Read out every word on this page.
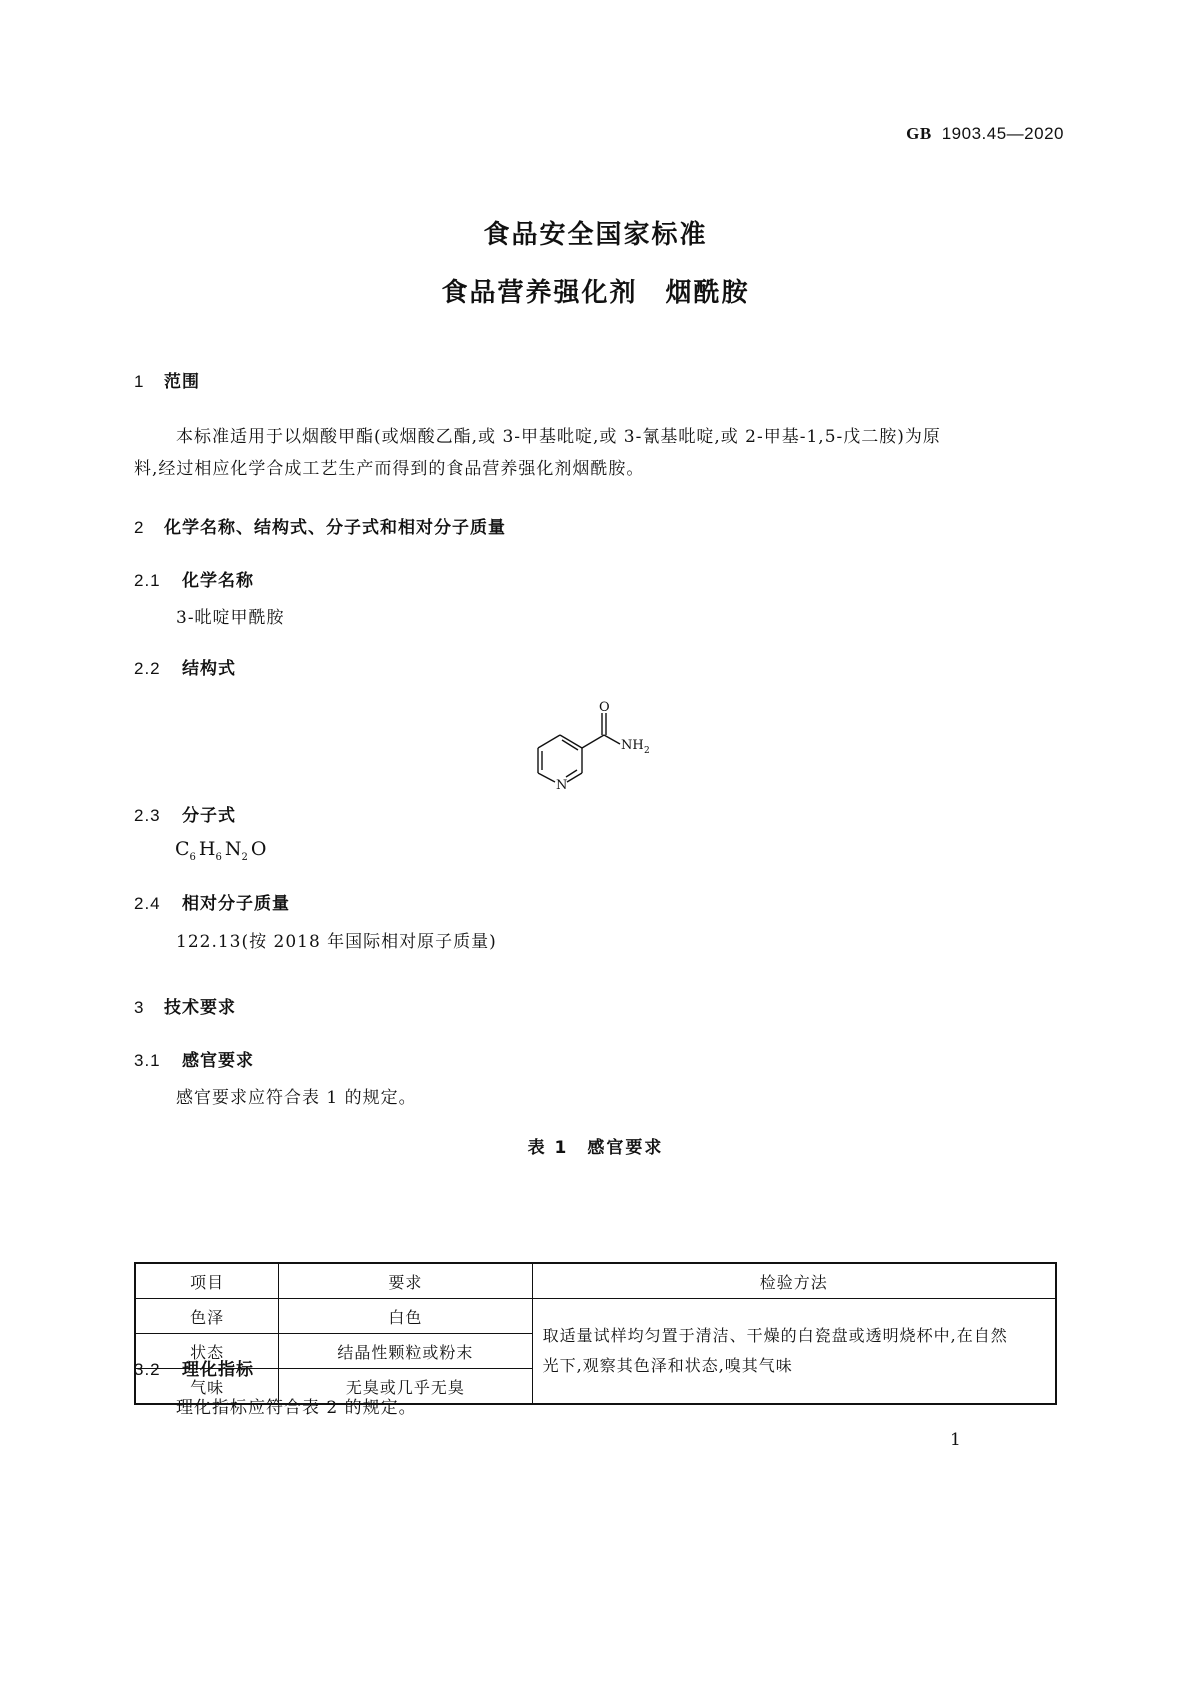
GB 1903.45—2020
食品安全国家标准
食品营养强化剂　烟酰胺
1 范围
本标准适用于以烟酸甲酯(或烟酸乙酯,或 3-甲基吡啶,或 3-氰基吡啶,或 2-甲基-1,5-戊二胺)为原
料,经过相应化学合成工艺生产而得到的食品营养强化剂烟酰胺。
2 化学名称、结构式、分子式和相对分子质量
2.1 化学名称
3-吡啶甲酰胺
2.2 结构式
O
N
NH 2
2.3 分子式
$C_6$ $H_6$ $N_2$ O
2.4 相对分子质量
122.13(按 2018 年国际相对原子质量)
3 技术要求
3.1 感官要求
感官要求应符合表 1 的规定。
表 1　感官要求
项目	要求	检验方法
色泽	白色	取适量试样均匀置于清洁、干燥的白瓷盘或透明烧杯中,在自然
光下,观察其色泽和状态,嗅其气味

状态	结晶性颗粒或粉末	
气味	无臭或几乎无臭	
3.2 理化指标
理化指标应符合表 2 的规定。
1
